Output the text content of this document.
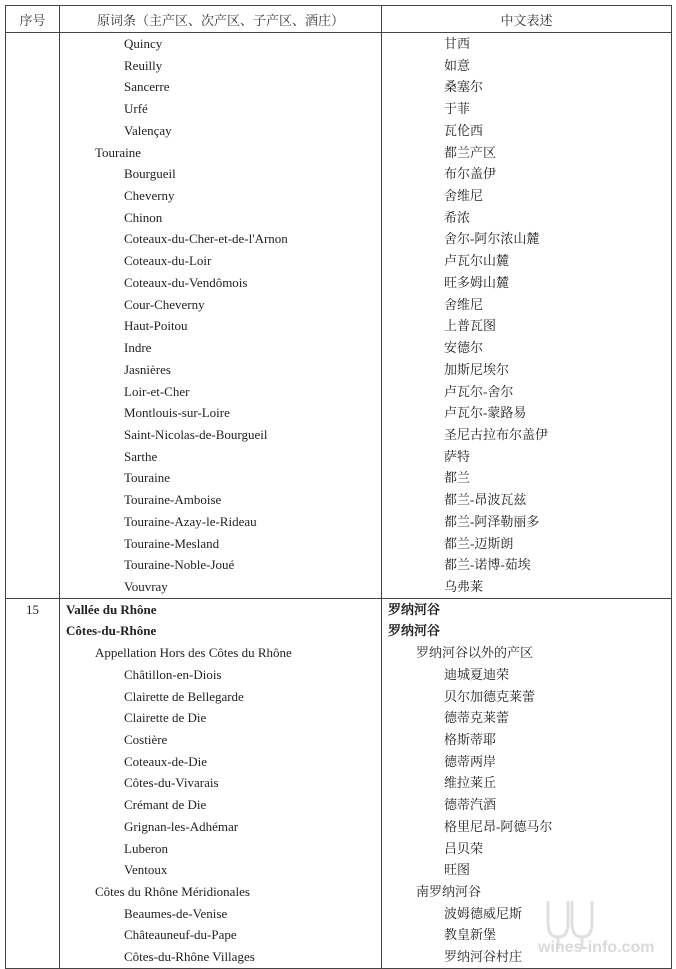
序号	原词条（主产区、次产区、子产区、酒庄）	中文表述
	Quincy	甘西
	Reuilly	如意
	Sancerre	桑塞尔
	Urfé	于菲
	Valençay	瓦伦西
	Touraine	都兰产区
	Bourgueil	布尔盖伊
	Cheverny	舍维尼
	Chinon	希浓
	Coteaux-du-Cher-et-de-l'Arnon	舍尔-阿尔浓山麓
	Coteaux-du-Loir	卢瓦尔山麓
	Coteaux-du-Vendômois	旺多姆山麓
	Cour-Cheverny	舍维尼
	Haut-Poitou	上普瓦图
	Indre	安德尔
	Jasnières	加斯尼埃尔
	Loir-et-Cher	卢瓦尔-舍尔
	Montlouis-sur-Loire	卢瓦尔-蒙路易
	Saint-Nicolas-de-Bourgueil	圣尼古拉布尔盖伊
	Sarthe	萨特
	Touraine	都兰
	Touraine-Amboise	都兰-昂波瓦兹
	Touraine-Azay-le-Rideau	都兰-阿泽勒丽多
	Touraine-Mesland	都兰-迈斯朗
	Touraine-Noble-Joué	都兰-诺博-茹埃
	Vouvray	乌弗莱
15	Vallée du Rhône	罗纳河谷
	Côtes-du-Rhône	罗纳河谷
	Appellation Hors des Côtes du Rhône	罗纳河谷以外的产区
	Châtillon-en-Diois	迪城夏迪荣
	Clairette de Bellegarde	贝尔加德克莱蕾
	Clairette de Die	德蒂克莱蕾
	Costière	格斯蒂耶
	Coteaux-de-Die	德蒂两岸
	Côtes-du-Vivarais	维拉莱丘
	Crémant de Die	德蒂汽酒
	Grignan-les-Adhémar	格里尼昂-阿德马尔
	Luberon	吕贝荣
	Ventoux	旺图
	Côtes du Rhône Méridionales	南罗纳河谷
	Beaumes-de-Venise	波姆德威尼斯
	Châteauneuf-du-Pape	教皇新堡
	Côtes-du-Rhône Villages	罗纳河谷村庄
wines-info.com
